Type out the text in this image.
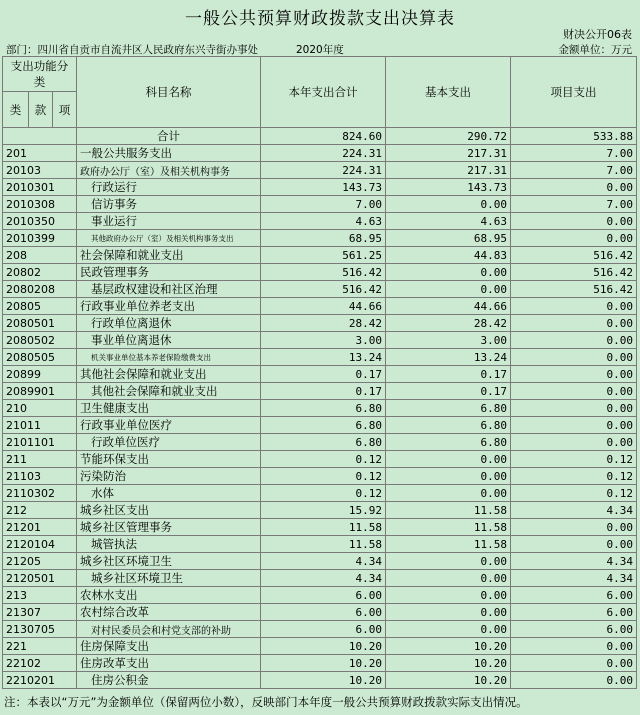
一般公共预算财政拨款支出决算表
财决公开06表
部门：四川省自贡市自流井区人民政府东兴寺街办事处	2020年度	金额单位：万元
支出功能分类			科目名称	本年支出合计	基本支出	项目支出
类	款	项				
			合计	824.60	290.72	533.88
201			一般公共服务支出	224.31	217.31	7.00
20103			政府办公厅（室）及相关机构事务	224.31	217.31	7.00
2010301			行政运行	143.73	143.73	0.00
2010308			信访事务	7.00	0.00	7.00
2010350			事业运行	4.63	4.63	0.00
2010399			其他政府办公厅（室）及相关机构事务支出	68.95	68.95	0.00
208			社会保障和就业支出	561.25	44.83	516.42
20802			民政管理事务	516.42	0.00	516.42
2080208			基层政权建设和社区治理	516.42	0.00	516.42
20805			行政事业单位养老支出	44.66	44.66	0.00
2080501			行政单位离退休	28.42	28.42	0.00
2080502			事业单位离退休	3.00	3.00	0.00
2080505			机关事业单位基本养老保险缴费支出	13.24	13.24	0.00
20899			其他社会保障和就业支出	0.17	0.17	0.00
2089901			其他社会保障和就业支出	0.17	0.17	0.00
210			卫生健康支出	6.80	6.80	0.00
21011			行政事业单位医疗	6.80	6.80	0.00
2101101			行政单位医疗	6.80	6.80	0.00
211			节能环保支出	0.12	0.00	0.12
21103			污染防治	0.12	0.00	0.12
2110302			水体	0.12	0.00	0.12
212			城乡社区支出	15.92	11.58	4.34
21201			城乡社区管理事务	11.58	11.58	0.00
2120104			城管执法	11.58	11.58	0.00
21205			城乡社区环境卫生	4.34	0.00	4.34
2120501			城乡社区环境卫生	4.34	0.00	4.34
213			农林水支出	6.00	0.00	6.00
21307			农村综合改革	6.00	0.00	6.00
2130705			对村民委员会和村党支部的补助	6.00	0.00	6.00
221			住房保障支出	10.20	10.20	0.00
22102			住房改革支出	10.20	10.20	0.00
2210201			住房公积金	10.20	10.20	0.00
注：本表以“万元”为金额单位（保留两位小数），反映部门本年度一般公共预算财政拨款实际支出情况。
